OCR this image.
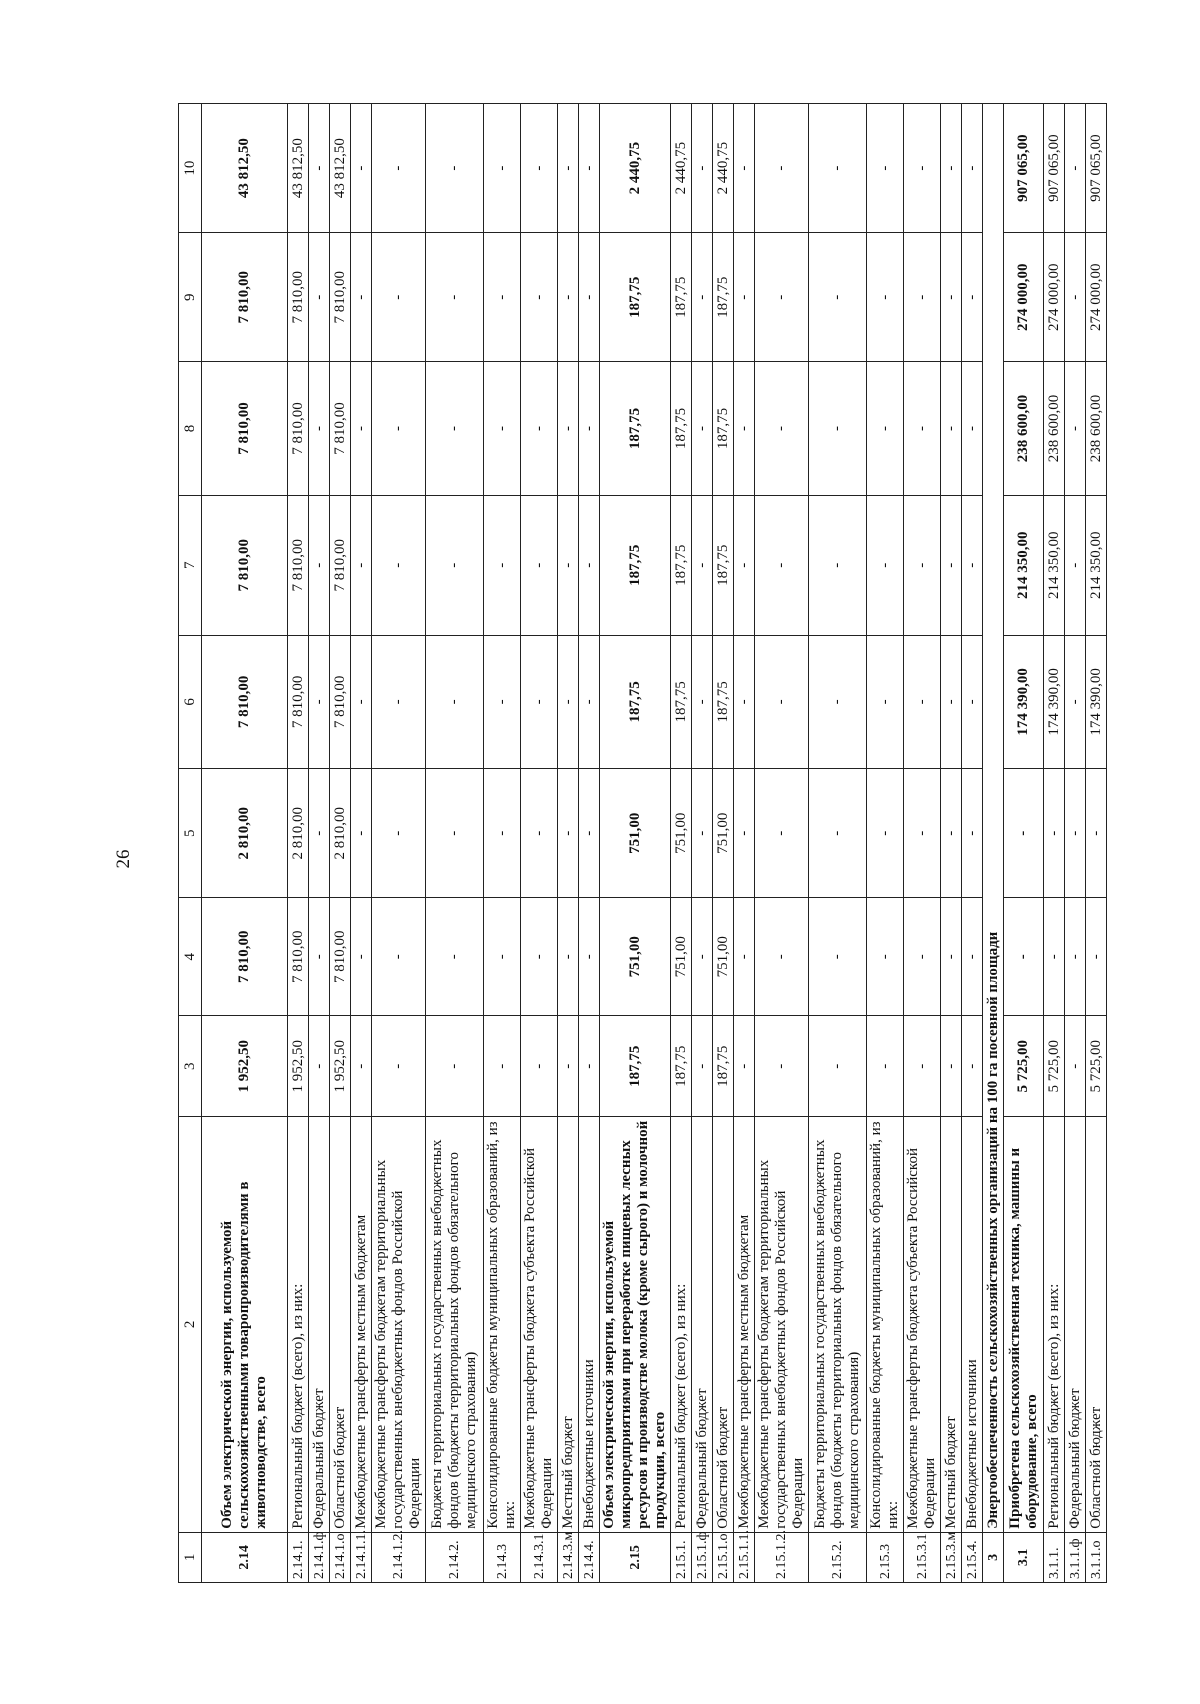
26
1	2	3	4	5	6	7	8	9	10
2.14	Объем электрической энергии, используемой сельскохозяйственными товаропроизводителями в животноводстве, всего	1 952,50	7 810,00	2 810,00	7 810,00	7 810,00	7 810,00	7 810,00	43 812,50
2.14.1.	Региональный бюджет (всего), из них:	1 952,50	7 810,00	2 810,00	7 810,00	7 810,00	7 810,00	7 810,00	43 812,50
2.14.1.ф	Федеральный бюджет	-	-	-	-	-	-	-	-
2.14.1.о	Областной бюджет	1 952,50	7 810,00	2 810,00	7 810,00	7 810,00	7 810,00	7 810,00	43 812,50
2.14.1.1.	Межбюджетные трансферты местным бюджетам	-	-	-	-	-	-	-	-
2.14.1.2.	Межбюджетные трансферты бюджетам территориальных государственных внебюджетных фондов Российской Федерации	-	-	-	-	-	-	-	-
2.14.2.	Бюджеты территориальных государственных внебюджетных фондов (бюджеты территориальных фондов обязательного медицинского страхования)	-	-	-	-	-	-	-	-
2.14.3	Консолидированные бюджеты муниципальных образований, из них:	-	-	-	-	-	-	-	-
2.14.3.1	Межбюджетные трансферты бюджета субъекта Российской Федерации	-	-	-	-	-	-	-	-
2.14.3.м	Местный бюджет	-	-	-	-	-	-	-	-
2.14.4.	Внебюджетные источники	-	-	-	-	-	-	-	-
2.15	Объем электрической энергии, используемой микропредприятиями при переработке пищевых лесных ресурсов и производстве молока (кроме сырого) и молочной продукции, всего	187,75	751,00	751,00	187,75	187,75	187,75	187,75	2 440,75
2.15.1.	Региональный бюджет (всего), из них:	187,75	751,00	751,00	187,75	187,75	187,75	187,75	2 440,75
2.15.1.ф	Федеральный бюджет	-	-	-	-	-	-	-	-
2.15.1.о	Областной бюджет	187,75	751,00	751,00	187,75	187,75	187,75	187,75	2 440,75
2.15.1.1.	Межбюджетные трансферты местным бюджетам	-	-	-	-	-	-	-	-
2.15.1.2.	Межбюджетные трансферты бюджетам территориальных государственных внебюджетных фондов Российской Федерации	-	-	-	-	-	-	-	-
2.15.2.	Бюджеты территориальных государственных внебюджетных фондов (бюджеты территориальных фондов обязательного медицинского страхования)	-	-	-	-	-	-	-	-
2.15.3	Консолидированные бюджеты муниципальных образований, из них:	-	-	-	-	-	-	-	-
2.15.3.1	Межбюджетные трансферты бюджета субъекта Российской Федерации	-	-	-	-	-	-	-	-
2.15.3.м	Местный бюджет	-	-	-	-	-	-	-	-
2.15.4.	Внебюджетные источники	-	-	-	-	-	-	-	-
3	Энергообеспеченность сельскохозяйственных организаций на 100 га посевной площади								
3.1	Приобретена сельскохозяйственная техника, машины и оборудование, всего	5 725,00	-	-	174 390,00	214 350,00	238 600,00	274 000,00	907 065,00
3.1.1.	Региональный бюджет (всего), из них:	5 725,00	-	-	174 390,00	214 350,00	238 600,00	274 000,00	907 065,00
3.1.1.ф	Федеральный бюджет	-	-	-	-	-	-	-	-
3.1.1.о	Областной бюджет	5 725,00	-	-	174 390,00	214 350,00	238 600,00	274 000,00	907 065,00
